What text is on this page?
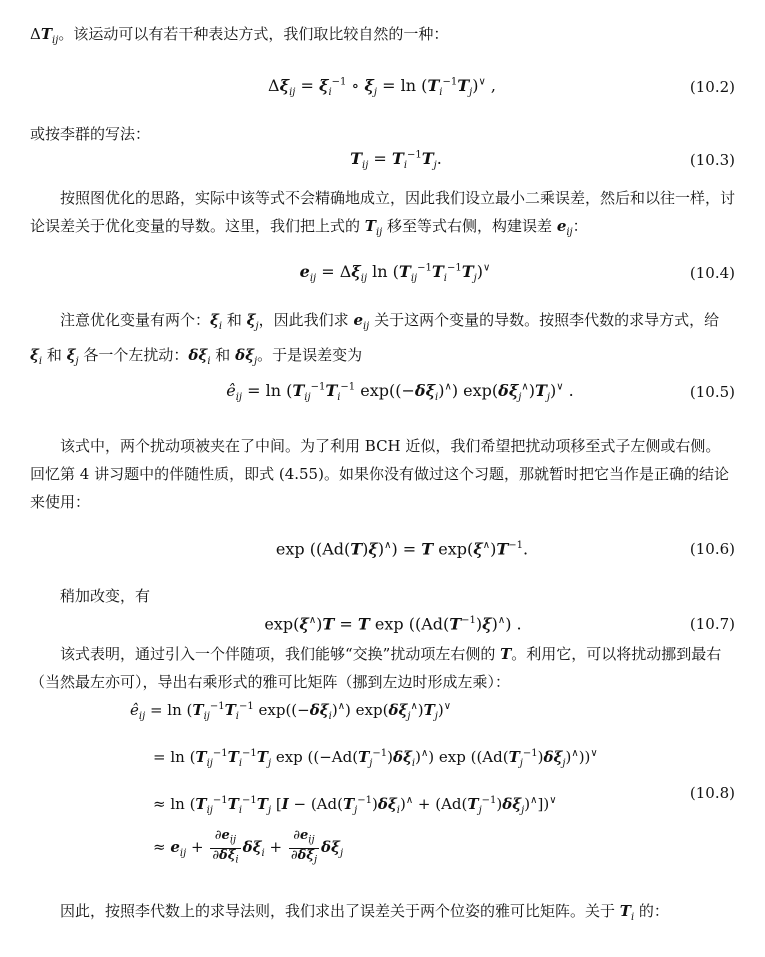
$\Delta T_{ij}$。该运动可以有若干种表达方式，我们取比较自然的一种：

$\Delta\xi_{ij} = \xi_i^{-1}$ ∘ $\xi_j = \ln (T_i^{-1}T_j)^\vee$ ,	(10.2)

或按李群的写法：

$T_{ij} = T_i^{-1}T_j$.	(10.3)

按照图优化的思路，实际中该等式不会精确地成立，因此我们设立最小二乘误差，然后和以往一样，讨论误差关于优化变量的导数。这里，我们把上式的 $T_{ij}$ 移至等式右侧，构建误差 $e_{ij}$：

$e_{ij} = \Delta\xi_{ij}$ $\ln (T_{ij}^{-1}T_i^{-1}T_j)^\vee$	(10.4)

注意优化变量有两个：$\xi_i$ 和 $\xi_j$，因此我们求 $e_{ij}$ 关于这两个变量的导数。按照李代数的求导方式，给 $\xi_i$ 和 $\xi_j$ 各一个左扰动：$\delta\xi_i$ 和 $\delta\xi_j$。于是误差变为

$ê_{ij} = \ln (T_{ij}^{-1}T_i^{-1}$ $\exp((-\delta\xi_i)^\wedge)$ $\exp(\delta\xi_j^\wedge)T_j)^\vee$ .	(10.5)

该式中，两个扰动项被夹在了中间。为了利用 BCH 近似，我们希望把扰动项移至式子左侧或右侧。回忆第 4 讲习题中的伴随性质，即式 (4.55)。如果你没有做过这个习题，那就暂时把它当作是正确的结论来使用：

exp ((Ad(T)ξ)∧) = T $\exp(\xi^\wedge)T^{-1}$.	(10.6)

稍加改变，有

exp(ξ∧)T = T $\exp ((Ad(T^{-1})\xi)^\wedge)$ .	(10.7)

该式表明，通过引入一个伴随项，我们能够“交换”扰动项左右侧的 T。利用它，可以将扰动挪到最右（当然最左亦可），导出右乘形式的雅可比矩阵（挪到左边时形成左乘）：

$ê_{ij} = \ln (T_{ij}^{-1}T_i^{-1}$ $\exp((-\delta\xi_i)^\wedge)$ $\exp(\delta\xi_j^\wedge)T_j)^\vee$
= $\ln (T_{ij}^{-1}T_i^{-1}T_j$ $\exp ((-Ad(T_j^{-1})\delta\xi_i)^\wedge)$ $\exp ((Ad(T_j^{-1})\delta\xi_j)^\wedge))^\vee$
≈ $\ln (T_{ij}^{-1}T_i^{-1}T_j$ $[I - (Ad(T_j^{-1})\delta\xi_i)^\wedge + (Ad(T_j^{-1})\delta\xi_j)^\wedge])^\vee$
≈ $e_{ij} + \frac{\partial e_{ij}}{\partial\delta\xi_i} \delta\xi_i + \frac{\partial e_{ij}}{\partial\delta\xi_j} \delta\xi_j$
(10.8)

因此，按照李代数上的求导法则，我们求出了误差关于两个位姿的雅可比矩阵。关于 $T_i$ 的：
